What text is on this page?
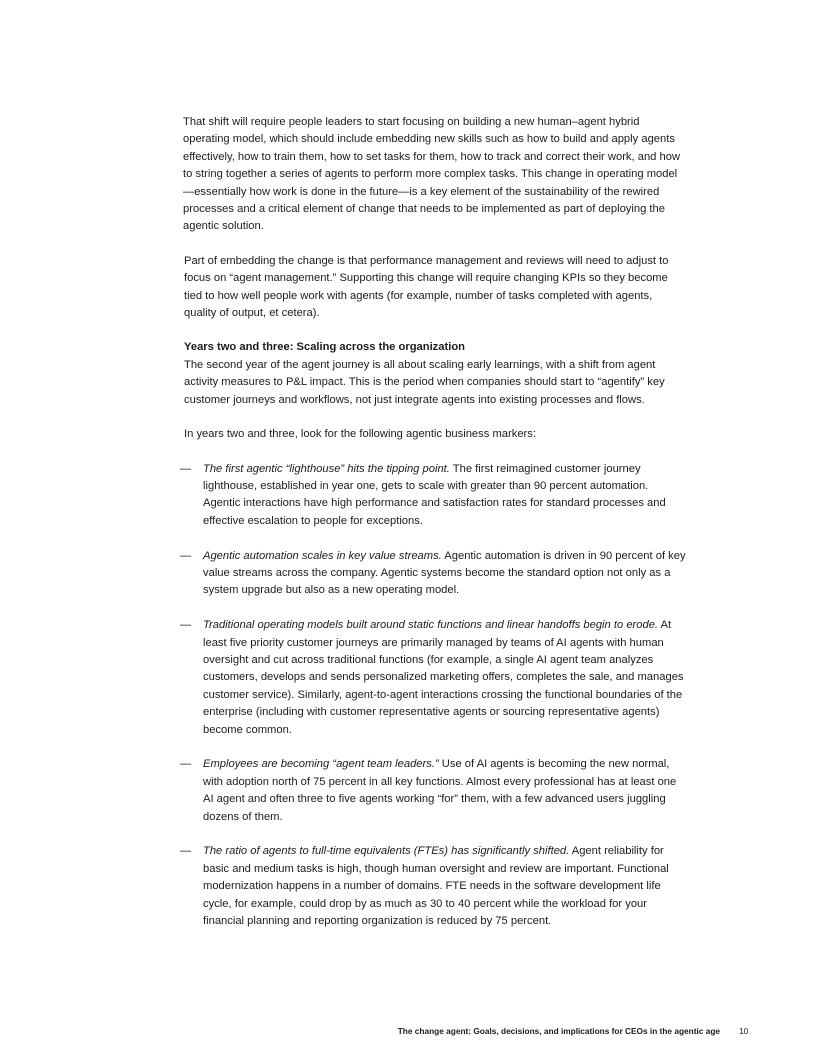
That shift will require people leaders to start focusing on building a new human–agent hybrid operating model, which should include embedding new skills such as how to build and apply agents effectively, how to train them, how to set tasks for them, how to track and correct their work, and how to string together a series of agents to perform more complex tasks. This change in operating model—essentially how work is done in the future—is a key element of the sustainability of the rewired processes and a critical element of change that needs to be implemented as part of deploying the agentic solution.

Part of embedding the change is that performance management and reviews will need to adjust to focus on “agent management.” Supporting this change will require changing KPIs so they become tied to how well people work with agents (for example, number of tasks completed with agents, quality of output, et cetera).

Years two and three: Scaling across the organization

The second year of the agent journey is all about scaling early learnings, with a shift from agent activity measures to P&L impact. This is the period when companies should start to “agentify” key customer journeys and workflows, not just integrate agents into existing processes and flows.

In years two and three, look for the following agentic business markers:

— The first agentic “lighthouse” hits the tipping point. The first reimagined customer journey lighthouse, established in year one, gets to scale with greater than 90 percent automation. Agentic interactions have high performance and satisfaction rates for standard processes and effective escalation to people for exceptions.
— Agentic automation scales in key value streams. Agentic automation is driven in 90 percent of key value streams across the company. Agentic systems become the standard option not only as a system upgrade but also as a new operating model.
— Traditional operating models built around static functions and linear handoffs begin to erode. At least five priority customer journeys are primarily managed by teams of AI agents with human oversight and cut across traditional functions (for example, a single AI agent team analyzes customers, develops and sends personalized marketing offers, completes the sale, and manages customer service). Similarly, agent-to-agent interactions crossing the functional boundaries of the enterprise (including with customer representative agents or sourcing representative agents) become common.
— Employees are becoming “agent team leaders.” Use of AI agents is becoming the new normal, with adoption north of 75 percent in all key functions. Almost every professional has at least one AI agent and often three to five agents working “for” them, with a few advanced users juggling dozens of them.
— The ratio of agents to full-time equivalents (FTEs) has significantly shifted. Agent reliability for basic and medium tasks is high, though human oversight and review are important. Functional modernization happens in a number of domains. FTE needs in the software development life cycle, for example, could drop by as much as 30 to 40 percent while the workload for your financial planning and reporting organization is reduced by 75 percent.
The change agent: Goals, decisions, and implications for CEOs in the agentic age 10
